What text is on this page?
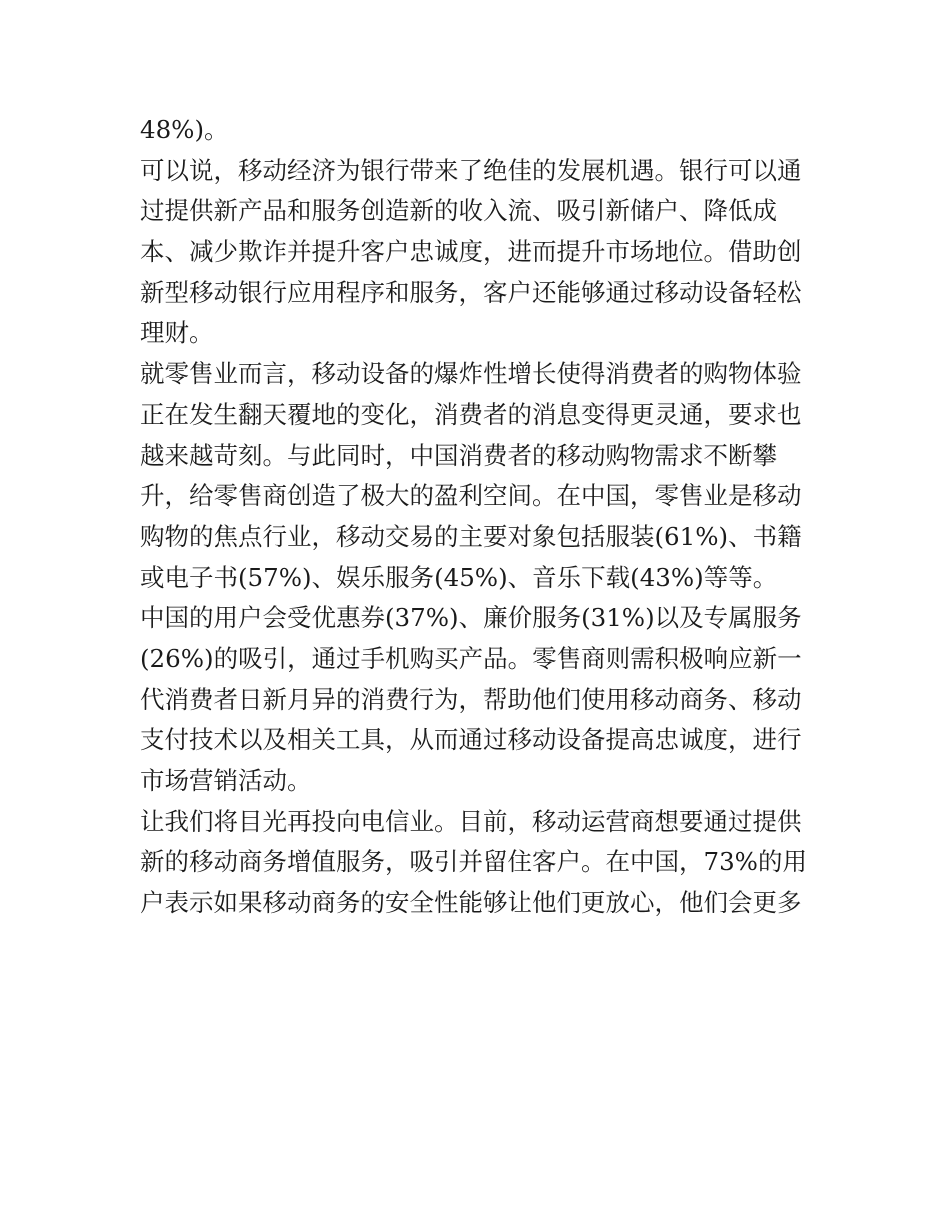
48%)。
可以说，移动经济为银行带来了绝佳的发展机遇。银行可以通
过提供新产品和服务创造新的收入流、吸引新储户、降低成
本、减少欺诈并提升客户忠诚度，进而提升市场地位。借助创
新型移动银行应用程序和服务，客户还能够通过移动设备轻松
理财。
就零售业而言，移动设备的爆炸性增长使得消费者的购物体验
正在发生翻天覆地的变化，消费者的消息变得更灵通，要求也
越来越苛刻。与此同时，中国消费者的移动购物需求不断攀
升，给零售商创造了极大的盈利空间。在中国，零售业是移动
购物的焦点行业，移动交易的主要对象包括服装(61%)、书籍
或电子书(57%)、娱乐服务(45%)、音乐下载(43%)等等。
中国的用户会受优惠券(37%)、廉价服务(31%)以及专属服务
(26%)的吸引，通过手机购买产品。零售商则需积极响应新一
代消费者日新月异的消费行为，帮助他们使用移动商务、移动
支付技术以及相关工具，从而通过移动设备提高忠诚度，进行
市场营销活动。
让我们将目光再投向电信业。目前，移动运营商想要通过提供
新的移动商务增值服务，吸引并留住客户。在中国，73%的用
户表示如果移动商务的安全性能够让他们更放心，他们会更多
